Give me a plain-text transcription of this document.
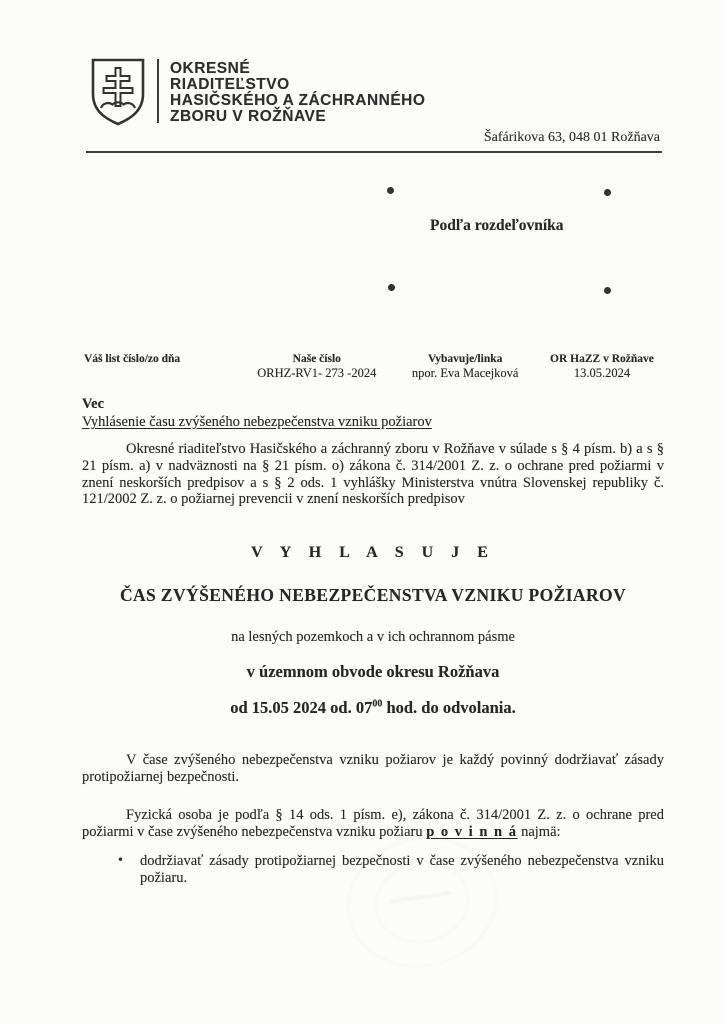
OKRESNÉ
RIADITEĽSTVO
HASIČSKÉHO A ZÁCHRANNÉHO
ZBORU V ROŽŇAVE
Šafárikova 63, 048 01 Rožňava
Podľa rozdeľovníka
Váš list číslo/zo dňa	Naše číslo
ORHZ-RV1- 273 -2024
Vybavuje/linka
npor. Eva Macejková
OR HaZZ v Rožňave
13.05.2024
Vec
Vyhlásenie času zvýšeného nebezpečenstva vzniku požiarov

Okresné riaditeľstvo Hasičského a záchranný zboru v Rožňave v súlade s § 4 písm. b) a s § 21 písm. a) v nadväznosti na § 21 písm. o) zákona č. 314/2001 Z. z. o ochrane pred požiarmi v znení neskorších predpisov a s § 2 ods. 1 vyhlášky Ministerstva vnútra Slovenskej republiky č. 121/2002 Z. z. o požiarnej prevencii v znení neskorších predpisov

V Y H L A S U J E
ČAS ZVÝŠENÉHO NEBEZPEČENSTVA VZNIKU POŽIAROV
na lesných pozemkoch a v ich ochrannom pásme
v územnom obvode okresu Rožňava
od 15.05 2024 od. $07^{00}$ hod. do odvolania.

V čase zvýšeného nebezpečenstva vzniku požiarov je každý povinný dodržiavať zásady protipožiarnej bezpečnosti.

Fyzická osoba je podľa § 14 ods. 1 písm. e), zákona č. 314/2001 Z. z. o ochrane pred požiarmi v čase zvýšeného nebezpečenstva vzniku požiaru p o v i n n á najmä:

•	dodržiavať zásady protipožiarnej bezpečnosti v čase zvýšeného nebezpečenstva vzniku požiaru.
